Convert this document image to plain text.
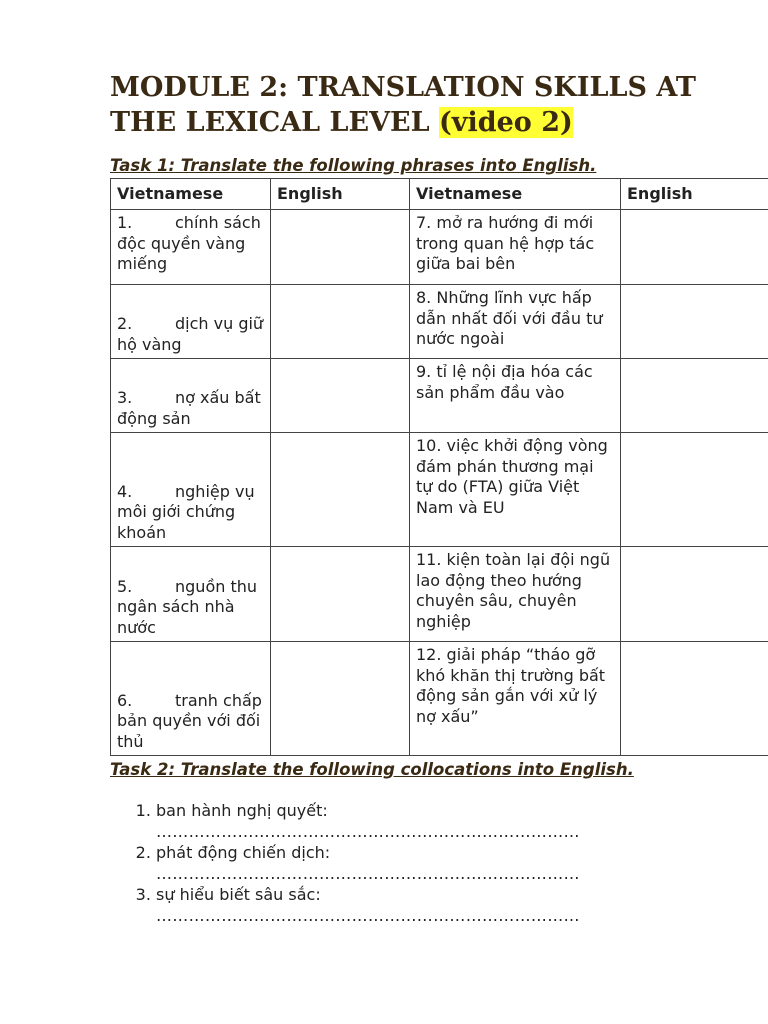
MODULE 2: TRANSLATION SKILLS AT THE LEXICAL LEVEL (video 2)
Task 1: Translate the following phrases into English.
Vietnamese	English	Vietnamese	English
1. chính sách độc quyền vàng miếng		7. mở ra hướng đi mới trong quan hệ hợp tác giữa bai bên	
2. dịch vụ giữ hộ vàng		8. Những lĩnh vực hấp dẫn nhất đối với đầu tư nước ngoài	
3. nợ xấu bất động sản		9. tỉ lệ nội địa hóa các sản phẩm đầu vào	
4. nghiệp vụ môi giới chứng khoán		10. việc khởi động vòng đám phán thương mại tự do (FTA) giữa Việt Nam và EU	
5. nguồn thu ngân sách nhà nước		11. kiện toàn lại đội ngũ lao động theo hướng chuyên sâu, chuyên nghiệp	
6. tranh chấp bản quyền với đối thủ		12. giải pháp “tháo gỡ khó khăn thị trường bất động sản gắn với xử lý nợ xấu”	
Task 2: Translate the following collocations into English.
1. ban hành nghị quyết:
……………………………………………………………………
2. phát động chiến dịch:
……………………………………………………………………
3. sự hiểu biết sâu sắc:
……………………………………………………………………
